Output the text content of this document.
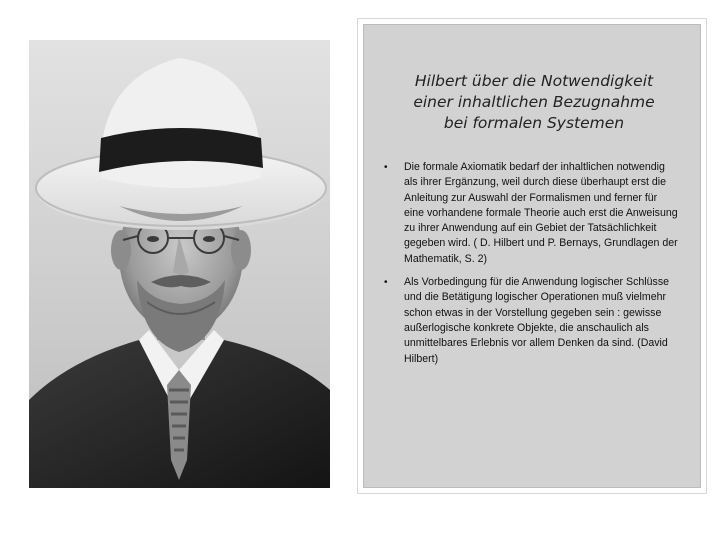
Hilbert über die Notwendigkeit
einer inhaltlichen Bezugnahme
bei formalen Systemen
• Die formale Axiomatik bedarf der inhaltlichen notwendig als ihrer Ergänzung, weil durch diese überhaupt erst die Anleitung zur Auswahl der Formalismen und ferner für eine vorhandene formale Theorie auch erst die Anweisung zu ihrer Anwendung auf ein Gebiet der Tatsächlichkeit gegeben wird. ( D. Hilbert und P. Bernays, Grundlagen der Mathematik, S. 2)
• Als Vorbedingung für die Anwendung logischer Schlüsse und die Betätigung logischer Operationen muß vielmehr schon etwas in der Vorstellung gegeben sein : gewisse außerlogische konkrete Objekte, die anschaulich als unmittelbares Erlebnis vor allem Denken da sind. (David Hilbert)
